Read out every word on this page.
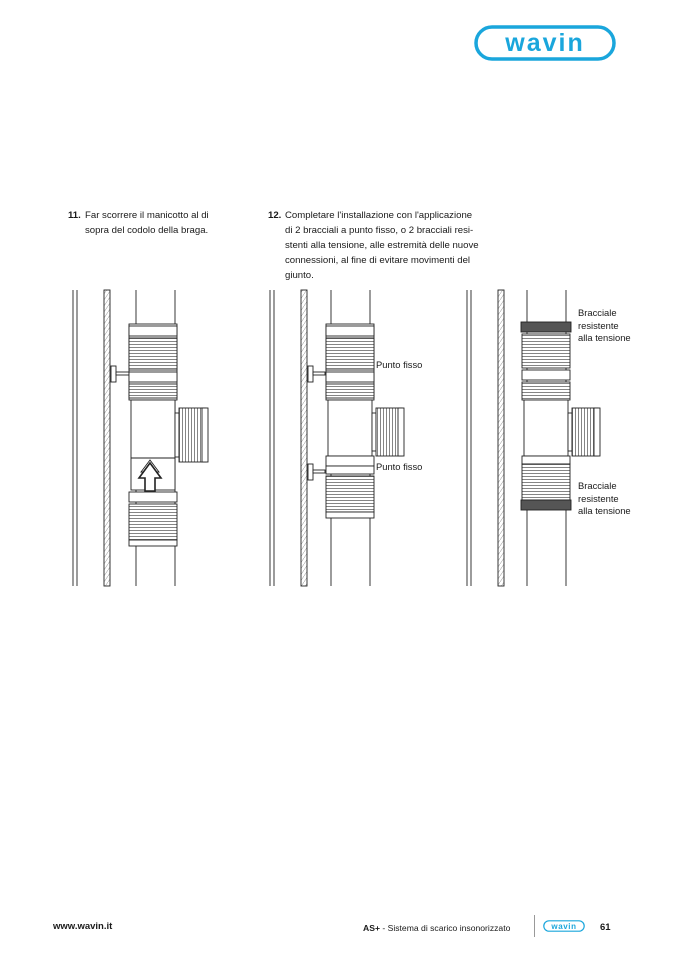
wavin
11. Far scorrere il manicotto al di
sopra del codolo della braga.
12. Completare l'installazione con l'applicazione
di 2 bracciali a punto fisso, o 2 bracciali resi-
stenti alla tensione, alle estremità delle nuove
connessioni, al fine di evitare movimenti del
giunto.
Punto fisso
Punto fisso
Bracciale
resistente
alla tensione
Bracciale
resistente
alla tensione
www.wavin.it	AS+ - Sistema di scarico insonorizzato	wavin 61
